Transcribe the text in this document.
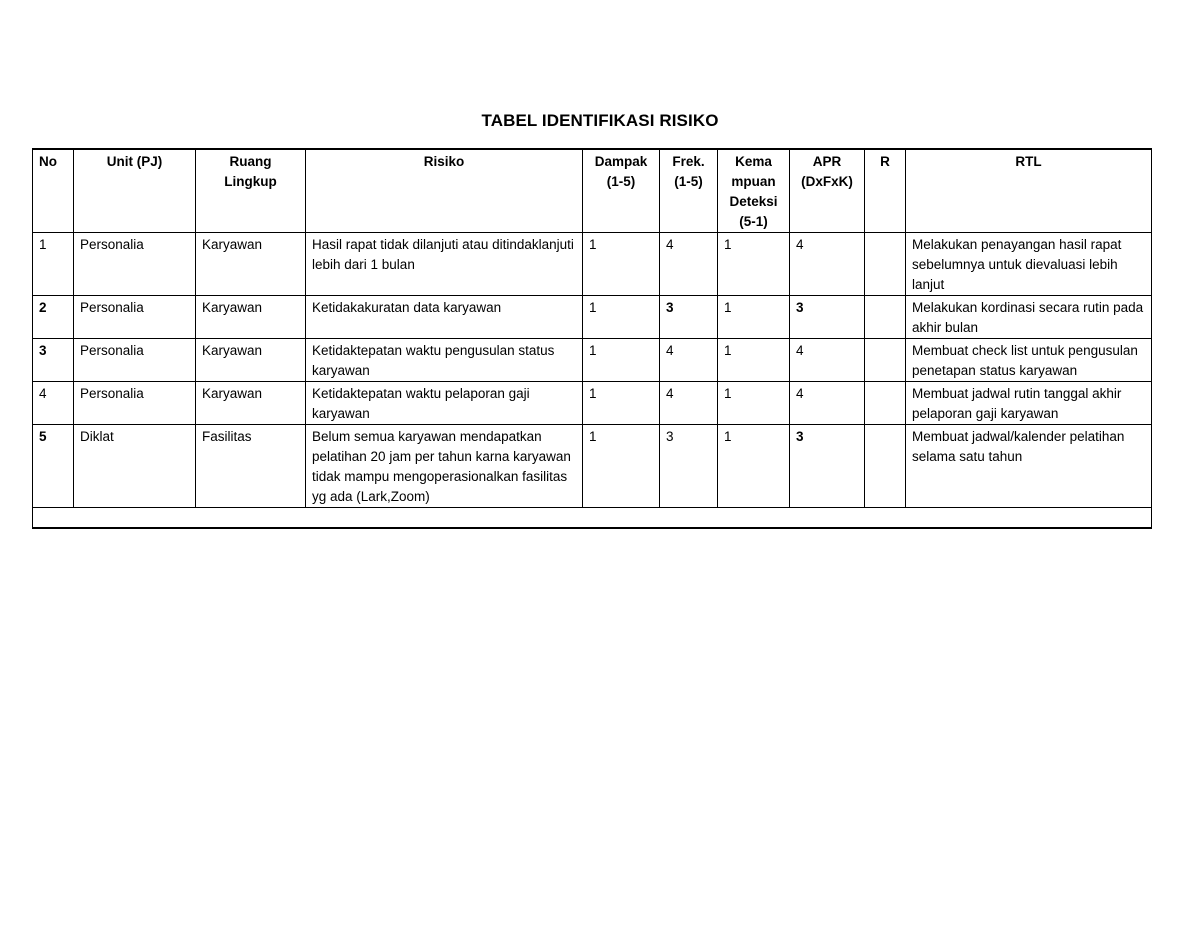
TABEL IDENTIFIKASI RISIKO
No	Unit (PJ)	Ruang Lingkup	Risiko	Dampak (1-5)	Frek. (1-5)	Kema mpuan Deteksi (5-1)	APR (DxFxK)	R	RTL
1	Personalia	Karyawan	Hasil rapat tidak dilanjuti atau ditindaklanjuti lebih dari 1 bulan	1	4	1	4		Melakukan penayangan hasil rapat sebelumnya untuk dievaluasi lebih lanjut
2	Personalia	Karyawan	Ketidakakuratan data karyawan	1	3	1	3		Melakukan kordinasi secara rutin pada akhir bulan
3	Personalia	Karyawan	Ketidaktepatan waktu pengusulan status karyawan	1	4	1	4		Membuat check list untuk pengusulan penetapan status karyawan
4	Personalia	Karyawan	Ketidaktepatan waktu pelaporan gaji karyawan	1	4	1	4		Membuat jadwal rutin tanggal akhir pelaporan gaji karyawan
5	Diklat	Fasilitas	Belum semua karyawan mendapatkan pelatihan 20 jam per tahun karna karyawan tidak mampu mengoperasionalkan fasilitas yg ada (Lark,Zoom)	1	3	1	3		Membuat jadwal/kalender pelatihan selama satu tahun
